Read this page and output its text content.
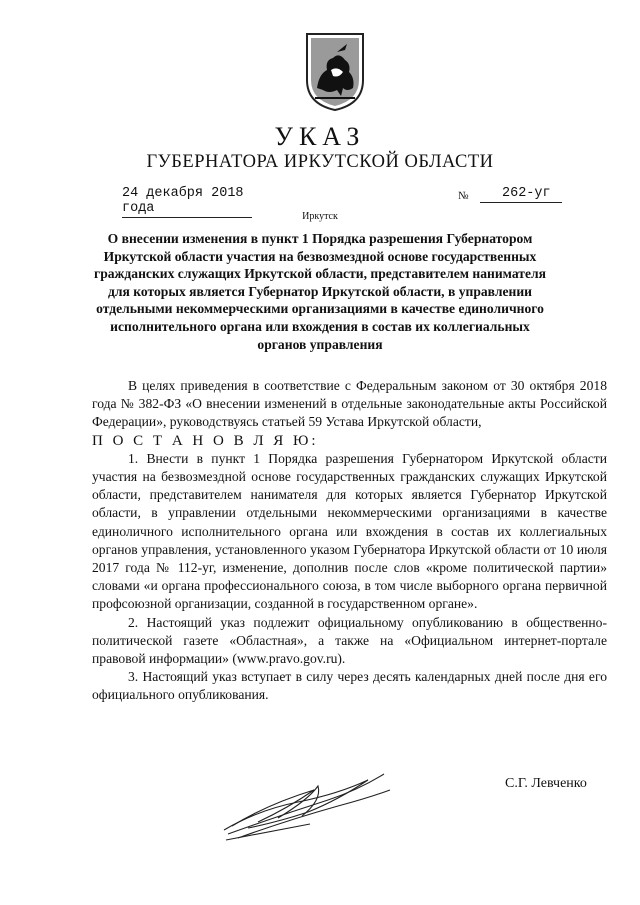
УКАЗ
ГУБЕРНАТОРА ИРКУТСКОЙ ОБЛАСТИ
24 декабря 2018 года
№	262-уг
Иркутск
О внесении изменения в пункт 1 Порядка разрешения Губернатором Иркутской области участия на безвозмездной основе государственных гражданских служащих Иркутской области, представителем нанимателя для которых является Губернатор Иркутской области, в управлении отдельными некоммерческими организациями в качестве единоличного исполнительного органа или вхождения в состав их коллегиальных органов управления

В целях приведения в соответствие с Федеральным законом от 30 октября 2018 года № 382-ФЗ «О внесении изменений в отдельные законодательные акты Российской Федерации», руководствуясь статьей 59 Устава Иркутской области,

П О С Т А Н О В Л Я Ю:

1. Внести в пункт 1 Порядка разрешения Губернатором Иркутской области участия на безвозмездной основе государственных гражданских служащих Иркутской области, представителем нанимателя для которых является Губернатор Иркутской области, в управлении отдельными некоммерческими организациями в качестве единоличного исполнительного органа или вхождения в состав их коллегиальных органов управления, установленного указом Губернатора Иркутской области от 10 июля 2017 года № 112-уг, изменение, дополнив после слов «кроме политической партии» словами «и органа профессионального союза, в том числе выборного органа первичной профсоюзной организации, созданной в государственном органе».

2. Настоящий указ подлежит официальному опубликованию в общественно-политической газете «Областная», а также на «Официальном интернет-портале правовой информации» (www.pravo.gov.ru).

3. Настоящий указ вступает в силу через десять календарных дней после дня его официального опубликования.

С.Г. Левченко
